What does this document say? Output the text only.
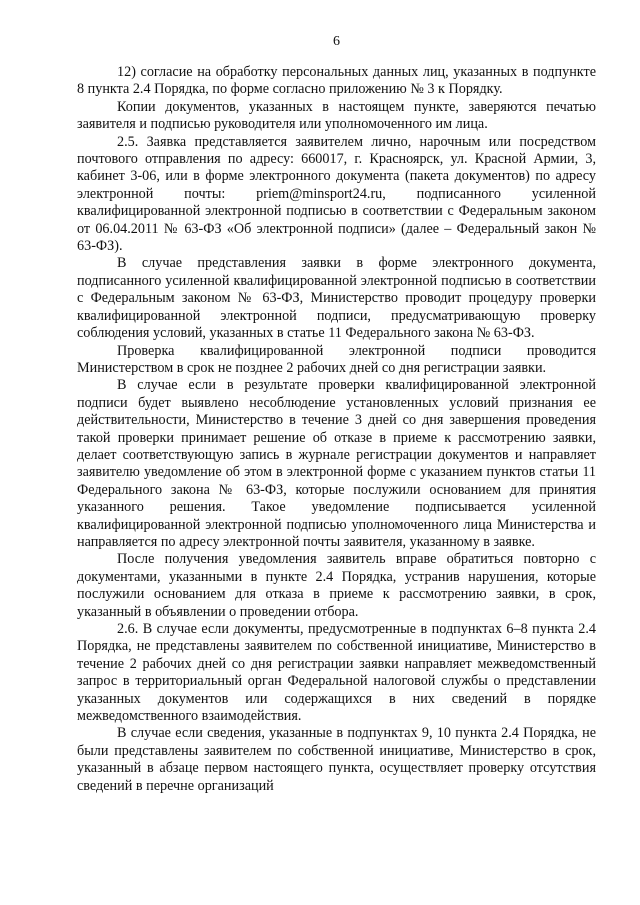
6

12) согласие на обработку персональных данных лиц, указанных в подпункте 8 пункта 2.4 Порядка, по форме согласно приложению № 3 к Порядку.

Копии документов, указанных в настоящем пункте, заверяются печатью заявителя и подписью руководителя или уполномоченного им лица.

2.5. Заявка представляется заявителем лично, нарочным или посредством почтового отправления по адресу: 660017, г. Красноярск, ул. Красной Армии, 3, кабинет 3-06, или в форме электронного документа (пакета документов) по адресу электронной почты: priem@minsport24.ru, подписанного усиленной квалифицированной электронной подписью в соответствии с Федеральным законом от 06.04.2011 № 63-ФЗ «Об электронной подписи» (далее – Федеральный закон № 63-ФЗ).

В случае представления заявки в форме электронного документа, подписанного усиленной квалифицированной электронной подписью в соответствии с Федеральным законом № 63-ФЗ, Министерство проводит процедуру проверки квалифицированной электронной подписи, предусматривающую проверку соблюдения условий, указанных в статье 11 Федерального закона № 63-ФЗ.

Проверка квалифицированной электронной подписи проводится Министерством в срок не позднее 2 рабочих дней со дня регистрации заявки.

В случае если в результате проверки квалифицированной электронной подписи будет выявлено несоблюдение установленных условий признания ее действительности, Министерство в течение 3 дней со дня завершения проведения такой проверки принимает решение об отказе в приеме к рассмотрению заявки, делает соответствующую запись в журнале регистрации документов и направляет заявителю уведомление об этом в электронной форме с указанием пунктов статьи 11 Федерального закона № 63-ФЗ, которые послужили основанием для принятия указанного решения. Такое уведомление подписывается усиленной квалифицированной электронной подписью уполномоченного лица Министерства и направляется по адресу электронной почты заявителя, указанному в заявке.

После получения уведомления заявитель вправе обратиться повторно с документами, указанными в пункте 2.4 Порядка, устранив нарушения, которые послужили основанием для отказа в приеме к рассмотрению заявки, в срок, указанный в объявлении о проведении отбора.

2.6. В случае если документы, предусмотренные в подпунктах 6–8 пункта 2.4 Порядка, не представлены заявителем по собственной инициативе, Министерство в течение 2 рабочих дней со дня регистрации заявки направляет межведомственный запрос в территориальный орган Федеральной налоговой службы о представлении указанных документов или содержащихся в них сведений в порядке межведомственного взаимодействия.

В случае если сведения, указанные в подпунктах 9, 10 пункта 2.4 Порядка, не были представлены заявителем по собственной инициативе, Министерство в срок, указанный в абзаце первом настоящего пункта, осуществляет проверку отсутствия сведений в перечне организаций
